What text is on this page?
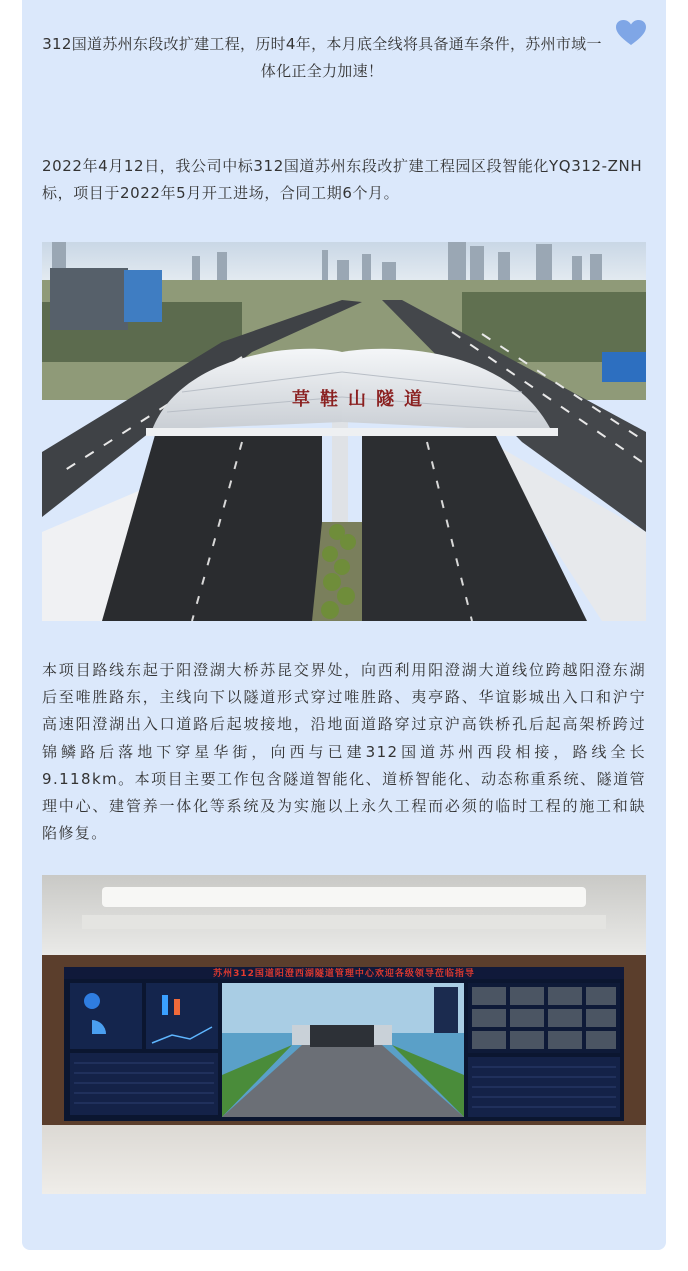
312国道苏州东段改扩建工程，历时4年，本月底全线将具备通车条件，苏州市域一体化正全力加速！

2022年4月12日，我公司中标312国道苏州东段改扩建工程园区段智能化YQ312-ZNH标，项目于2022年5月开工进场，合同工期6个月。

草鞋山隧道

本项目路线东起于阳澄湖大桥苏昆交界处，向西利用阳澄湖大道线位跨越阳澄东湖后至唯胜路东，主线向下以隧道形式穿过唯胜路、夷亭路、华谊影城出入口和沪宁高速阳澄湖出入口道路后起坡接地，沿地面道路穿过京沪高铁桥孔后起高架桥跨过锦鳞路后落地下穿星华街，向西与已建312国道苏州西段相接，路线全长9.118km。本项目主要工作包含隧道智能化、道桥智能化、动态称重系统、隧道管理中心、建管养一体化等系统及为实施以上永久工程而必须的临时工程的施工和缺陷修复。

苏州312国道阳澄西湖隧道管理中心欢迎各级领导莅临指导
